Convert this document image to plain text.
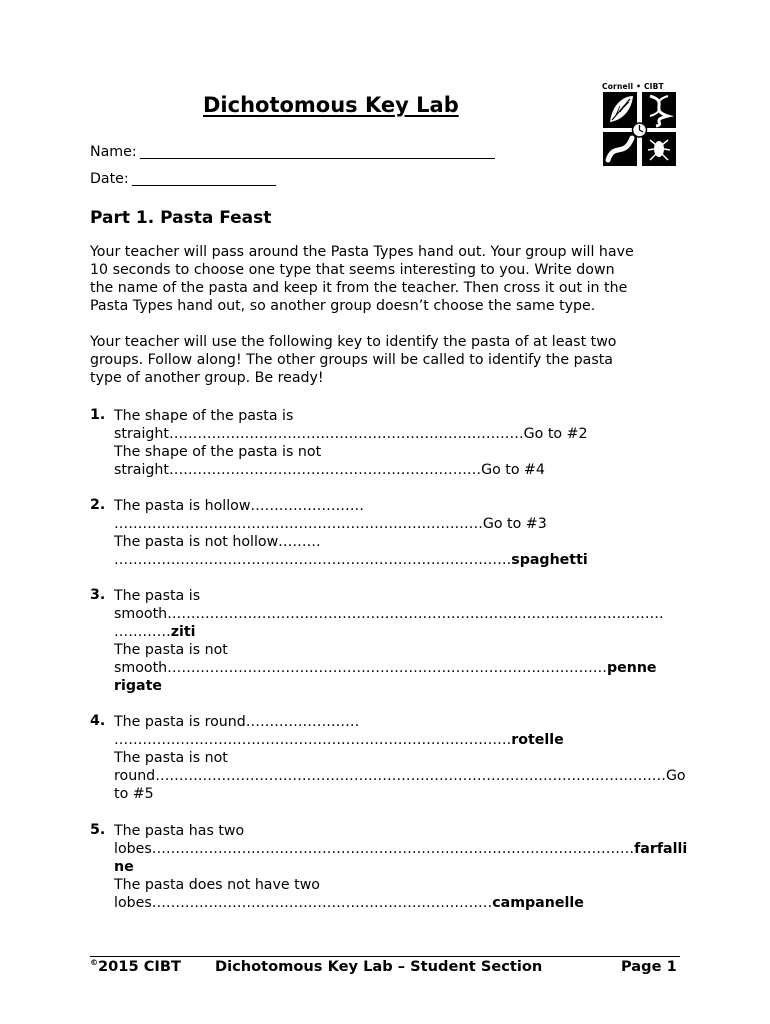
Dichotomous Key Lab
Cornell • CIBT
Name:
Date:
Part 1. Pasta Feast
Your teacher will pass around the Pasta Types hand out. Your group will have
10 seconds to choose one type that seems interesting to you. Write down
the name of the pasta and keep it from the teacher. Then cross it out in the
Pasta Types hand out, so another group doesn’t choose the same type.
Your teacher will use the following key to identify the pasta of at least two
groups. Follow along! The other groups will be called to identify the pasta
type of another group. Be ready!
1. The shape of the pasta is
straight…………………………………………………………………Go to #2
The shape of the pasta is not
straight…………………………………………………………Go to #4
2. The pasta is hollow……………………
……………………………………………………………………Go to #3
The pasta is not hollow………
…………………………………………………………………………spaghetti
3. The pasta is
smooth……………………………………………………………………………………………
…………ziti
The pasta is not
smooth…………………………………………………………………………………penne
rigate
4. The pasta is round……………………
…………………………………………………………………………rotelle
The pasta is not
round………………………………………………………………………………………………Go
to #5
5. The pasta has two
lobes…………………………………………………………………………………………farfalli
ne
The pasta does not have two
lobes………………………………………………………………campanelle
©2015 CIBT Dichotomous Key Lab – Student Section	Page 1
